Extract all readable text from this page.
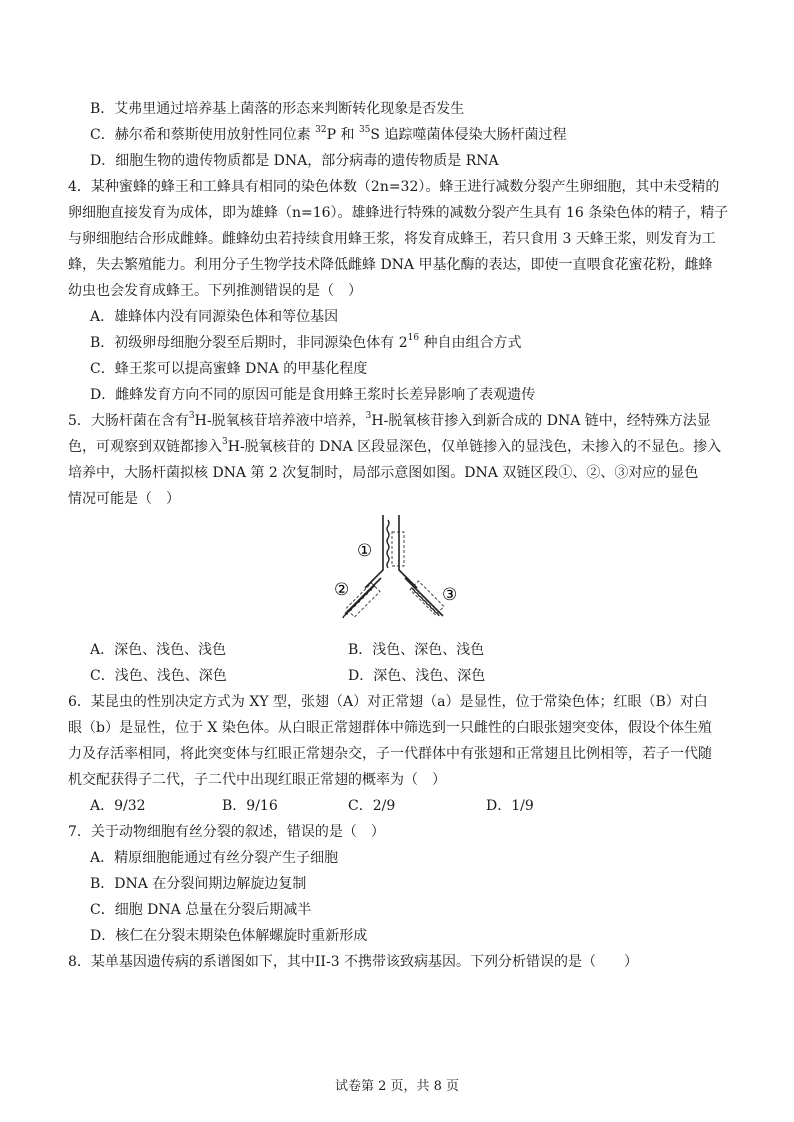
B．艾弗里通过培养基上菌落的形态来判断转化现象是否发生
C．赫尔希和蔡斯使用放射性同位素 $^{32}$P 和 $^{35}$S 追踪噬菌体侵染大肠杆菌过程
D．细胞生物的遗传物质都是 DNA，部分病毒的遗传物质是 RNA
4．某种蜜蜂的蜂王和工蜂具有相同的染色体数（2n=32）。蜂王进行减数分裂产生卵细胞，其中未受精的
卵细胞直接发育为成体，即为雄蜂（n=16）。雄蜂进行特殊的减数分裂产生具有 16 条染色体的精子，精子
与卵细胞结合形成雌蜂。雌蜂幼虫若持续食用蜂王浆，将发育成蜂王，若只食用 3 天蜂王浆，则发育为工
蜂，失去繁殖能力。利用分子生物学技术降低雌蜂 DNA 甲基化酶的表达，即使一直喂食花蜜花粉，雌蜂
幼虫也会发育成蜂王。下列推测错误的是（　）
A．雄蜂体内没有同源染色体和等位基因
B．初级卵母细胞分裂至后期时，非同源染色体有 $2^{16}$ 种自由组合方式
C．蜂王浆可以提高蜜蜂 DNA 的甲基化程度
D．雌蜂发育方向不同的原因可能是食用蜂王浆时长差异影响了表观遗传
5．大肠杆菌在含有$^3$H-脱氧核苷培养液中培养，$^3$H-脱氧核苷掺入到新合成的 DNA 链中，经特殊方法显
色，可观察到双链都掺入$^3$H-脱氧核苷的 DNA 区段显深色，仅单链掺入的显浅色，未掺入的不显色。掺入
培养中，大肠杆菌拟核 DNA 第 2 次复制时，局部示意图如图。DNA 双链区段①、②、③对应的显色
情况可能是（　）
①
②	③
A．深色、浅色、浅色	B．浅色、深色、浅色
C．浅色、浅色、深色	D．深色、浅色、深色
6．某昆虫的性别决定方式为 XY 型，张翅（A）对正常翅（a）是显性，位于常染色体；红眼（B）对白
眼（b）是显性，位于 X 染色体。从白眼正常翅群体中筛选到一只雌性的白眼张翅突变体，假设个体生殖
力及存活率相同，将此突变体与红眼正常翅杂交，子一代群体中有张翅和正常翅且比例相等，若子一代随
机交配获得子二代，子二代中出现红眼正常翅的概率为（　）
A．9/32	B．9/16	C．2/9	D．1/9
7．关于动物细胞有丝分裂的叙述，错误的是（　）
A．精原细胞能通过有丝分裂产生子细胞
B．DNA 在分裂间期边解旋边复制
C．细胞 DNA 总量在分裂后期减半
D．核仁在分裂末期染色体解螺旋时重新形成
8．某单基因遗传病的系谱图如下，其中II-3 不携带该致病基因。下列分析错误的是（　　）
试卷第 2 页，共 8 页
